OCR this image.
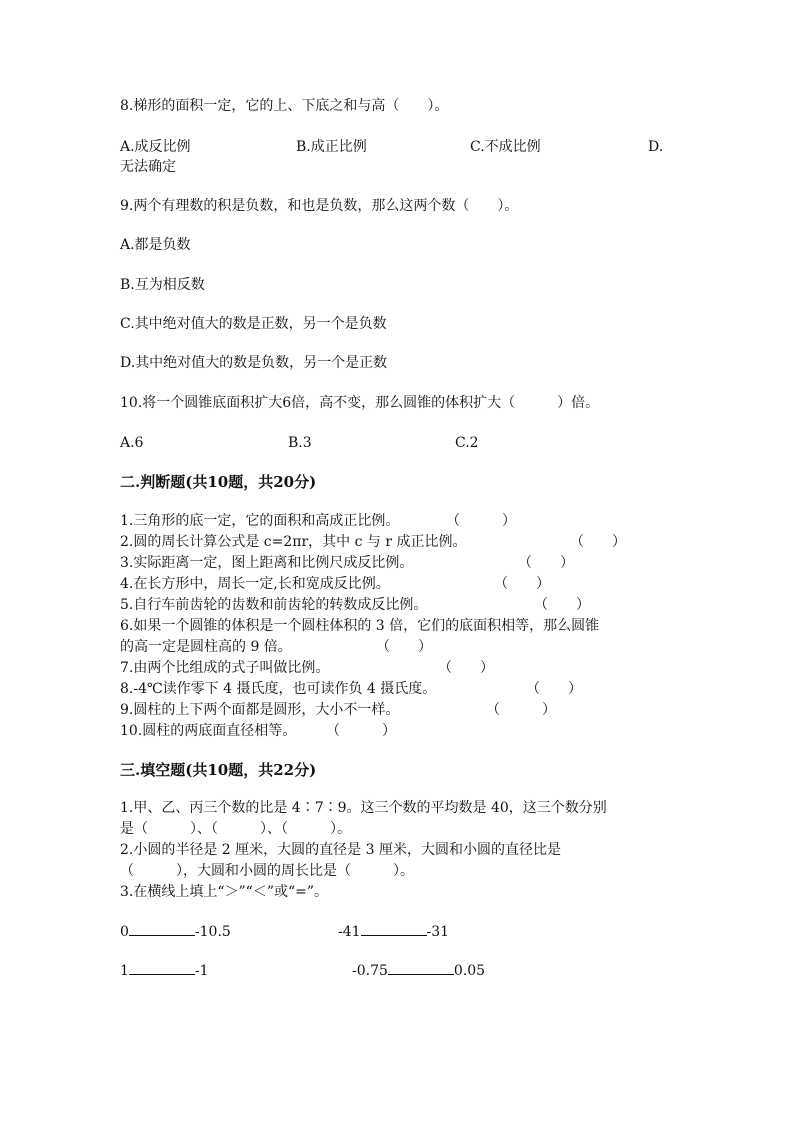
8.梯形的面积一定，它的上、下底之和与高（　　）。
A.成反比例	B.成正比例	C.不成比例	D.
无法确定
9.两个有理数的积是负数，和也是负数，那么这两个数（　　）。
A.都是负数
B.互为相反数
C.其中绝对值大的数是正数，另一个是负数
D.其中绝对值大的数是负数，另一个是正数
10.将一个圆锥底面积扩大6倍，高不变，那么圆锥的体积扩大（　　　）倍。
A.6	B.3	C.2
二.判断题(共10题，共20分)
1.三角形的底一定，它的面积和高成正比例。	（　　　）
2.圆的周长计算公式是 c=2πr，其中 c 与 r 成正比例。	（　　）
3.实际距离一定，图上距离和比例尺成反比例。	（　　）
4.在长方形中，周长一定,长和宽成反比例。	（　　）
5.自行车前齿轮的齿数和前齿轮的转数成反比例。	（　　）
6.如果一个圆锥的体积是一个圆柱体积的 3 倍，它们的底面积相等，那么圆锥
的高一定是圆柱高的 9 倍。	（　　）
7.由两个比组成的式子叫做比例。	（　　）
8.-4℃读作零下 4 摄氏度，也可读作负 4 摄氏度。	（　　）
9.圆柱的上下两个面都是圆形，大小不一样。	（　　　）
10.圆柱的两底面直径相等。 （　　　）
三.填空题(共10题，共22分)
1.甲、乙、丙三个数的比是 4∶7∶9。这三个数的平均数是 40，这三个数分别
是（　　　）、（　　　）、（　　　）。
2.小圆的半径是 2 厘米，大圆的直径是 3 厘米，大圆和小圆的直径比是
（　　　），大圆和小圆的周长比是（　　　）。
3.在横线上填上“＞”“＜”或“=”。
0	-10.5	-41	-31
1	-1	-0.75	0.05
